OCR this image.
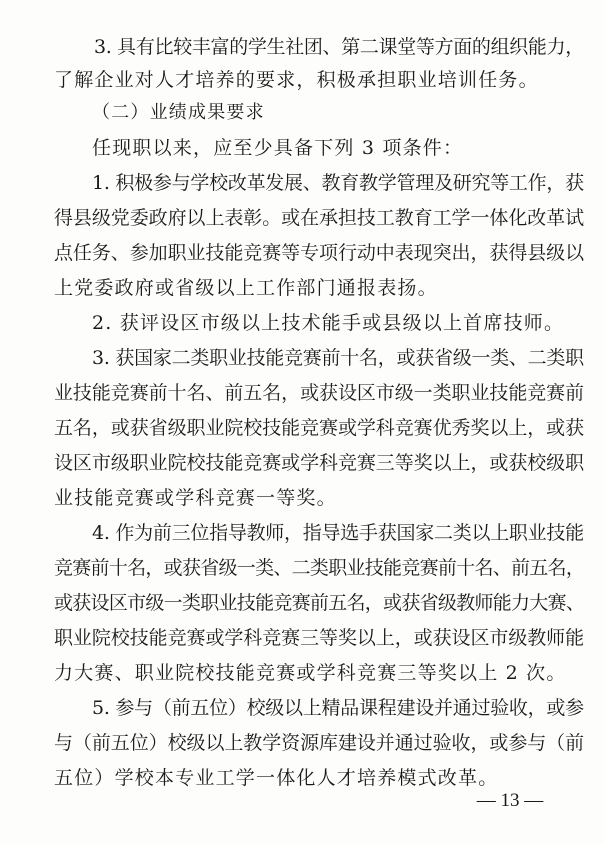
3. 具有比较丰富的学生社团、第二课堂等方面的组织能力，
了解企业对人才培养的要求，积极承担职业培训任务。
（二）业绩成果要求
任现职以来，应至少具备下列 3 项条件：
1. 积极参与学校改革发展、教育教学管理及研究等工作，获
得县级党委政府以上表彰。或在承担技工教育工学一体化改革试
点任务、参加职业技能竞赛等专项行动中表现突出，获得县级以
上党委政府或省级以上工作部门通报表扬。
2. 获评设区市级以上技术能手或县级以上首席技师。
3. 获国家二类职业技能竞赛前十名，或获省级一类、二类职
业技能竞赛前十名、前五名，或获设区市级一类职业技能竞赛前
五名，或获省级职业院校技能竞赛或学科竞赛优秀奖以上，或获
设区市级职业院校技能竞赛或学科竞赛三等奖以上，或获校级职
业技能竞赛或学科竞赛一等奖。
4. 作为前三位指导教师，指导选手获国家二类以上职业技能
竞赛前十名，或获省级一类、二类职业技能竞赛前十名、前五名，
或获设区市级一类职业技能竞赛前五名，或获省级教师能力大赛、
职业院校技能竞赛或学科竞赛三等奖以上，或获设区市级教师能
力大赛、职业院校技能竞赛或学科竞赛三等奖以上 2 次。
5. 参与（前五位）校级以上精品课程建设并通过验收，或参
与（前五位）校级以上教学资源库建设并通过验收，或参与（前
五位）学校本专业工学一体化人才培养模式改革。
— 13 —
